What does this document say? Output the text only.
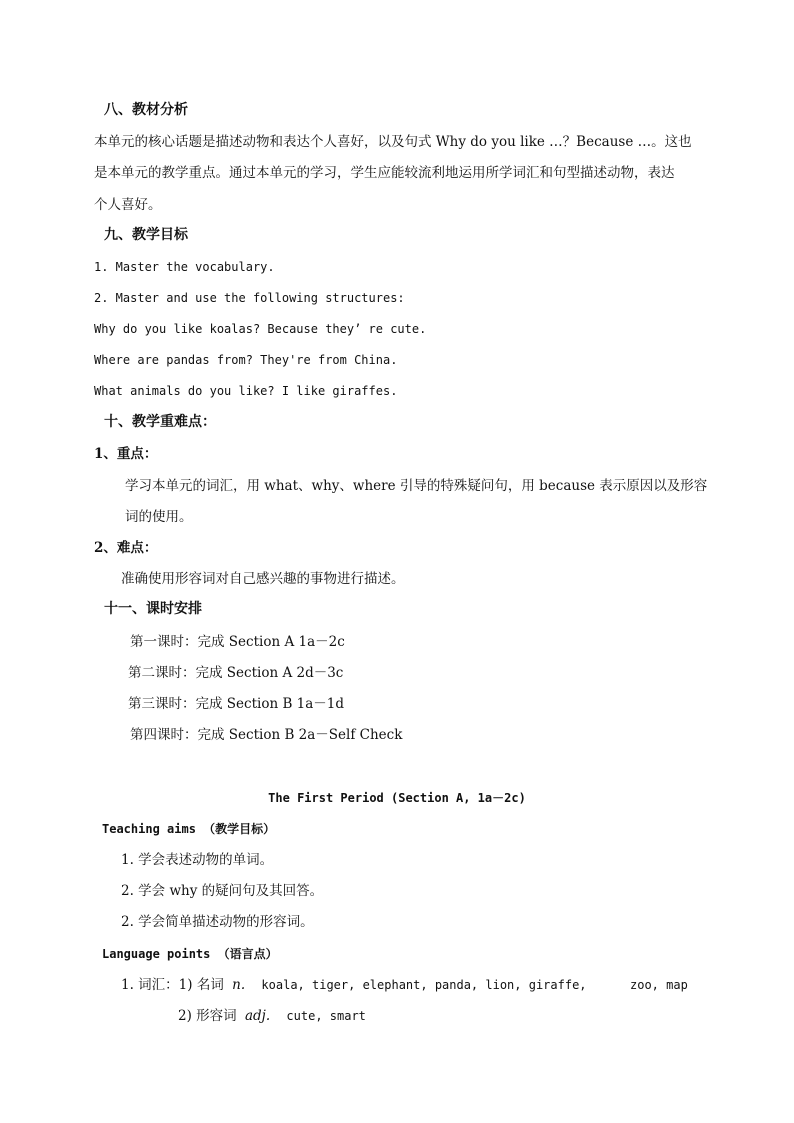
八、教材分析
本单元的核心话题是描述动物和表达个人喜好，以及句式 Why do you like …？Because …。这也
是本单元的教学重点。通过本单元的学习，学生应能较流利地运用所学词汇和句型描述动物，表达
个人喜好。
九、教学目标
1. Master the vocabulary.
2. Master and use the following structures:
Why do you like koalas? Because they’ re cute.
Where are pandas from? They're from China.
What animals do you like? I like giraffes.
十、教学重难点：
1、重点：
学习本单元的词汇，用 what、why、where 引导的特殊疑问句，用 because 表示原因以及形容
词的使用。
2、难点：
准确使用形容词对自己感兴趣的事物进行描述。
十一、课时安排
第一课时：完成 Section A 1a－2c
第二课时：完成 Section A 2d－3c
第三课时：完成 Section B 1a－1d
第四课时：完成 Section B 2a－Self Check
The First Period (Section A, 1a－2c)
Teaching aims （教学目标）
1. 学会表述动物的单词。
2. 学会 why 的疑问句及其回答。
2. 学会简单描述动物的形容词。
Language points （语言点）
1. 词汇：1) 名词 n. koala, tiger, elephant, panda, lion, giraffe,	zoo, map
2) 形容词 adj. cute, smart
